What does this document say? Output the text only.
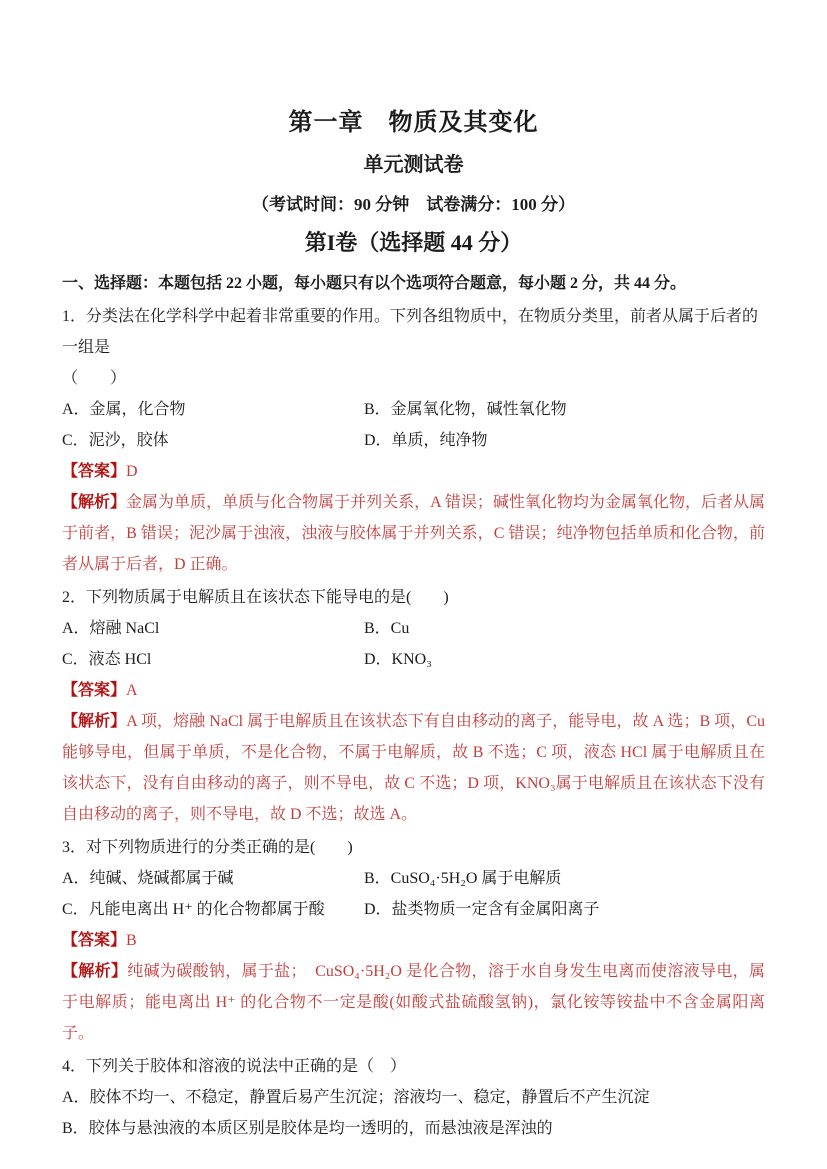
第一章　物质及其变化
单元测试卷
（考试时间：90 分钟　试卷满分：100 分）
第I卷（选择题 44 分）

一、选择题：本题包括 22 小题，每小题只有以个选项符合题意，每小题 2 分，共 44 分。

1．分类法在化学科学中起着非常重要的作用。下列各组物质中，在物质分类里，前者从属于后者的一组是

（　　）

A．金属，化合物	B．金属氧化物，碱性氧化物

C．泥沙，胶体	D．单质，纯净物

【答案】D

【解析】金属为单质，单质与化合物属于并列关系，A 错误；碱性氧化物均为金属氧化物，后者从属于前者，B 错误；泥沙属于浊液，浊液与胶体属于并列关系，C 错误；纯净物包括单质和化合物，前者从属于后者，D 正确。

2．下列物质属于电解质且在该状态下能导电的是(　　)

A．熔融 NaCl	B．Cu

C．液态 HCl	D．KNO₃

【答案】A

【解析】A 项，熔融 NaCl 属于电解质且在该状态下有自由移动的离子，能导电，故 A 选；B 项，Cu 能够导电，但属于单质，不是化合物，不属于电解质，故 B 不选；C 项，液态 HCl 属于电解质且在该状态下，没有自由移动的离子，则不导电，故 C 不选；D 项，KNO₃属于电解质且在该状态下没有自由移动的离子，则不导电，故 D 不选；故选 A。

3．对下列物质进行的分类正确的是(　　)

A．纯碱、烧碱都属于碱	B．CuSO₄·5H₂O 属于电解质

C．凡能电离出 H⁺ 的化合物都属于酸	D．盐类物质一定含有金属阳离子

【答案】B

【解析】纯碱为碳酸钠，属于盐；　CuSO₄·5H₂O 是化合物，溶于水自身发生电离而使溶液导电，属于电解质；能电离出 H⁺ 的化合物不一定是酸(如酸式盐硫酸氢钠)，氯化铵等铵盐中不含金属阳离子。

4．下列关于胶体和溶液的说法中正确的是（　）

A．胶体不均一、不稳定，静置后易产生沉淀；溶液均一、稳定，静置后不产生沉淀

B．胶体与悬浊液的本质区别是胶体是均一透明的，而悬浊液是浑浊的
